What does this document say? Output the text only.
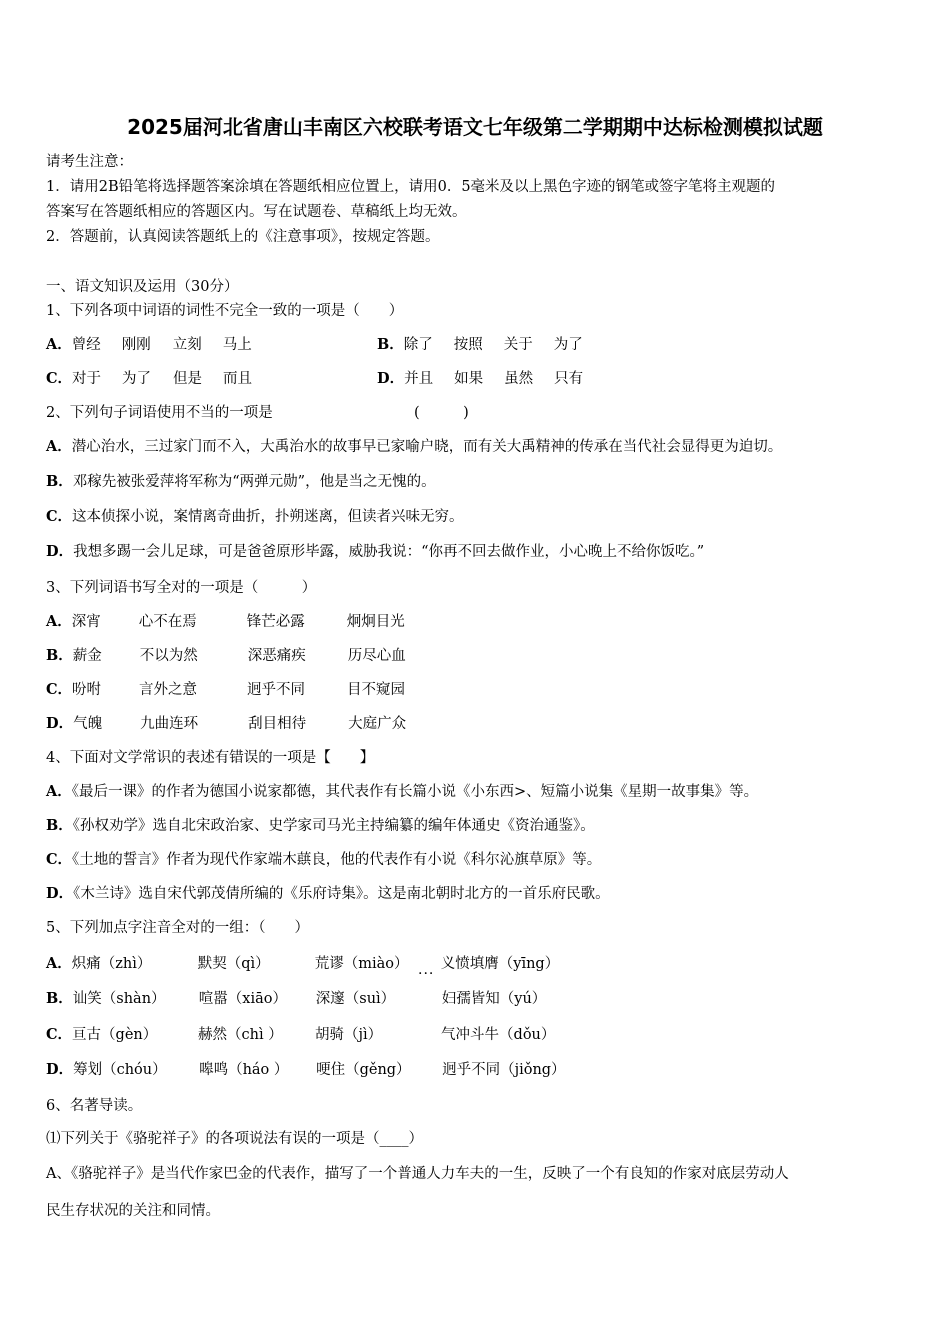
2025届河北省唐山丰南区六校联考语文七年级第二学期期中达标检测模拟试题
请考生注意：
1．请用2B铅笔将选择题答案涂填在答题纸相应位置上，请用0．5毫米及以上黑色字迹的钢笔或签字笔将主观题的
答案写在答题纸相应的答题区内。写在试题卷、草稿纸上均无效。
2．答题前，认真阅读答题纸上的《注意事项》，按规定答题。
一、语文知识及运用（30分）
1、下列各项中词语的词性不完全一致的一项是（　　）
A．曾经 刚刚 立刻 马上	B．除了 按照 关于 为了
C．对于 为了 但是 而且	D．并且 如果 虽然 只有
2、下列句子词语使用不当的一项是	(　　　)
A．潜心治水，三过家门而不入，大禹治水的故事早已家喻户晓，而有关大禹精神的传承在当代社会显得更为迫切。
B．邓稼先被张爱萍将军称为“两弹元勋”，他是当之无愧的。
C．这本侦探小说，案情离奇曲折，扑朔迷离，但读者兴味无穷。
D．我想多踢一会儿足球，可是爸爸原形毕露，威胁我说：“你再不回去做作业，小心晚上不给你饭吃。”
3、下列词语书写全对的一项是（　　　）
A．深宵	心不在焉	锋芒必露	炯炯目光
B．薪金	不以为然	深恶痛疾	历尽心血
C．吩咐	言外之意	迥乎不同	目不窥园
D．气魄	九曲连环	刮目相待	大庭广众
4、下面对文学常识的表述有错误的一项是【　　】
A．《最后一课》的作者为德国小说家都德，其代表作有长篇小说《小东西>、短篇小说集《星期一故事集》等。
B．《孙权劝学》选自北宋政治家、史学家司马光主持编纂的编年体通史《资治通鉴》。
C．《土地的誓言》作者为现代作家端木蕻良，他的代表作有小说《科尔沁旗草原》等。
D．《木兰诗》选自宋代郭茂倩所编的《乐府诗集》。这是南北朝时北方的一首乐府民歌。
5、下列加点字注音全对的一组：（　　）
A．炽痛（zhì）	默契（qì）	荒谬（miào） 义愤填膺（yīng）
...
B．讪笑（shàn） 喧嚣（xiāo） 深邃（suì）	妇孺皆知（yú）
C．亘古（gèn）	赫然（chì ） 胡骑（jì）	气冲斗牛（dǒu）
D．筹划（chóu） 嗥鸣（háo ） 哽住（gěng） 迥乎不同（jiǒng）
6、名著导读。
⑴下列关于《骆驼祥子》的各项说法有误的一项是（____）
A、《骆驼祥子》是当代作家巴金的代表作，描写了一个普通人力车夫的一生，反映了一个有良知的作家对底层劳动人
民生存状况的关注和同情。
